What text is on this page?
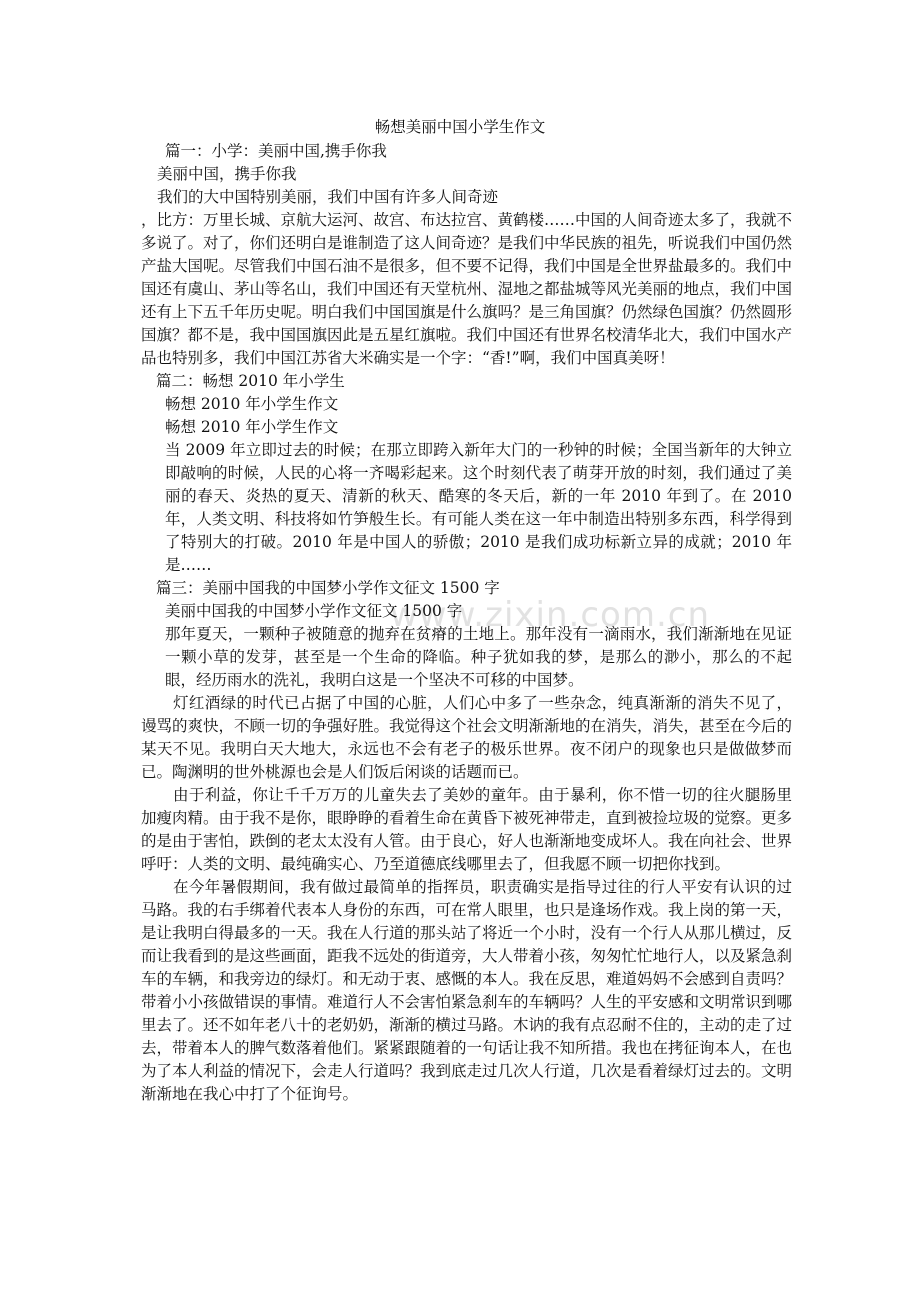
www.zixin.com.cn
畅想美丽中国小学生作文

篇一：小学：美丽中国,携手你我

美丽中国，携手你我

我们的大中国特别美丽，我们中国有许多人间奇迹

，比方：万里长城、京航大运河、故宫、布达拉宫、黄鹤楼……中国的人间奇迹太多了，我就不多说了。对了，你们还明白是谁制造了这人间奇迹？是我们中华民族的祖先，听说我们中国仍然产盐大国呢。尽管我们中国石油不是很多，但不要不记得，我们中国是全世界盐最多的。我们中国还有虞山、茅山等名山，我们中国还有天堂杭州、湿地之都盐城等风光美丽的地点，我们中国还有上下五千年历史呢。明白我们中国国旗是什么旗吗？是三角国旗？仍然绿色国旗？仍然圆形国旗？都不是，我中国国旗因此是五星红旗啦。我们中国还有世界名校清华北大，我们中国水产品也特别多，我们中国江苏省大米确实是一个字：“香!”啊，我们中国真美呀！

篇二：畅想 2010 年小学生

畅想 2010 年小学生作文

畅想 2010 年小学生作文

当 2009 年立即过去的时候；在那立即跨入新年大门的一秒钟的时候；全国当新年的大钟立即敲响的时候，人民的心将一齐喝彩起来。这个时刻代表了萌芽开放的时刻，我们通过了美丽的春天、炎热的夏天、清新的秋天、酷寒的冬天后，新的一年 2010 年到了。在 2010 年，人类文明、科技将如竹笋般生长。有可能人类在这一年中制造出特别多东西，科学得到了特别大的打破。2010 年是中国人的骄傲；2010 是我们成功标新立异的成就；2010 年是……

篇三：美丽中国我的中国梦小学作文征文 1500 字

美丽中国我的中国梦小学作文征文 1500 字

那年夏天，一颗种子被随意的抛弃在贫瘠的土地上。那年没有一滴雨水，我们渐渐地在见证一颗小草的发芽，甚至是一个生命的降临。种子犹如我的梦，是那么的渺小，那么的不起眼，经历雨水的洗礼，我明白这是一个坚决不可移的中国梦。

灯红酒绿的时代已占据了中国的心脏，人们心中多了一些杂念，纯真渐渐的消失不见了，谩骂的爽快，不顾一切的争强好胜。我觉得这个社会文明渐渐地的在消失，消失，甚至在今后的某天不见。我明白天大地大，永远也不会有老子的极乐世界。夜不闭户的现象也只是做做梦而已。陶渊明的世外桃源也会是人们饭后闲谈的话题而已。

由于利益，你让千千万万的儿童失去了美妙的童年。由于暴利，你不惜一切的往火腿肠里加瘦肉精。由于我不是你，眼睁睁的看着生命在黄昏下被死神带走，直到被捡垃圾的觉察。更多的是由于害怕，跌倒的老太太没有人管。由于良心，好人也渐渐地变成坏人。我在向社会、世界呼吁：人类的文明、最纯确实心、乃至道德底线哪里去了，但我愿不顾一切把你找到。

在今年暑假期间，我有做过最简单的指挥员，职责确实是指导过往的行人平安有认识的过马路。我的右手绑着代表本人身份的东西，可在常人眼里，也只是逢场作戏。我上岗的第一天，是让我明白得最多的一天。我在人行道的那头站了将近一个小时，没有一个行人从那儿横过，反而让我看到的是这些画面，距我不远处的街道旁，大人带着小孩，匆匆忙忙地行人，以及紧急刹车的车辆，和我旁边的绿灯。和无动于衷、感慨的本人。我在反思，难道妈妈不会感到自责吗？带着小小孩做错误的事情。难道行人不会害怕紧急刹车的车辆吗？人生的平安感和文明常识到哪里去了。还不如年老八十的老奶奶，渐渐的横过马路。木讷的我有点忍耐不住的，主动的走了过去，带着本人的脾气数落着他们。紧紧跟随着的一句话让我不知所措。我也在拷征询本人，在也为了本人利益的情况下，会走人行道吗？我到底走过几次人行道，几次是看着绿灯过去的。文明渐渐地在我心中打了个征询号。
